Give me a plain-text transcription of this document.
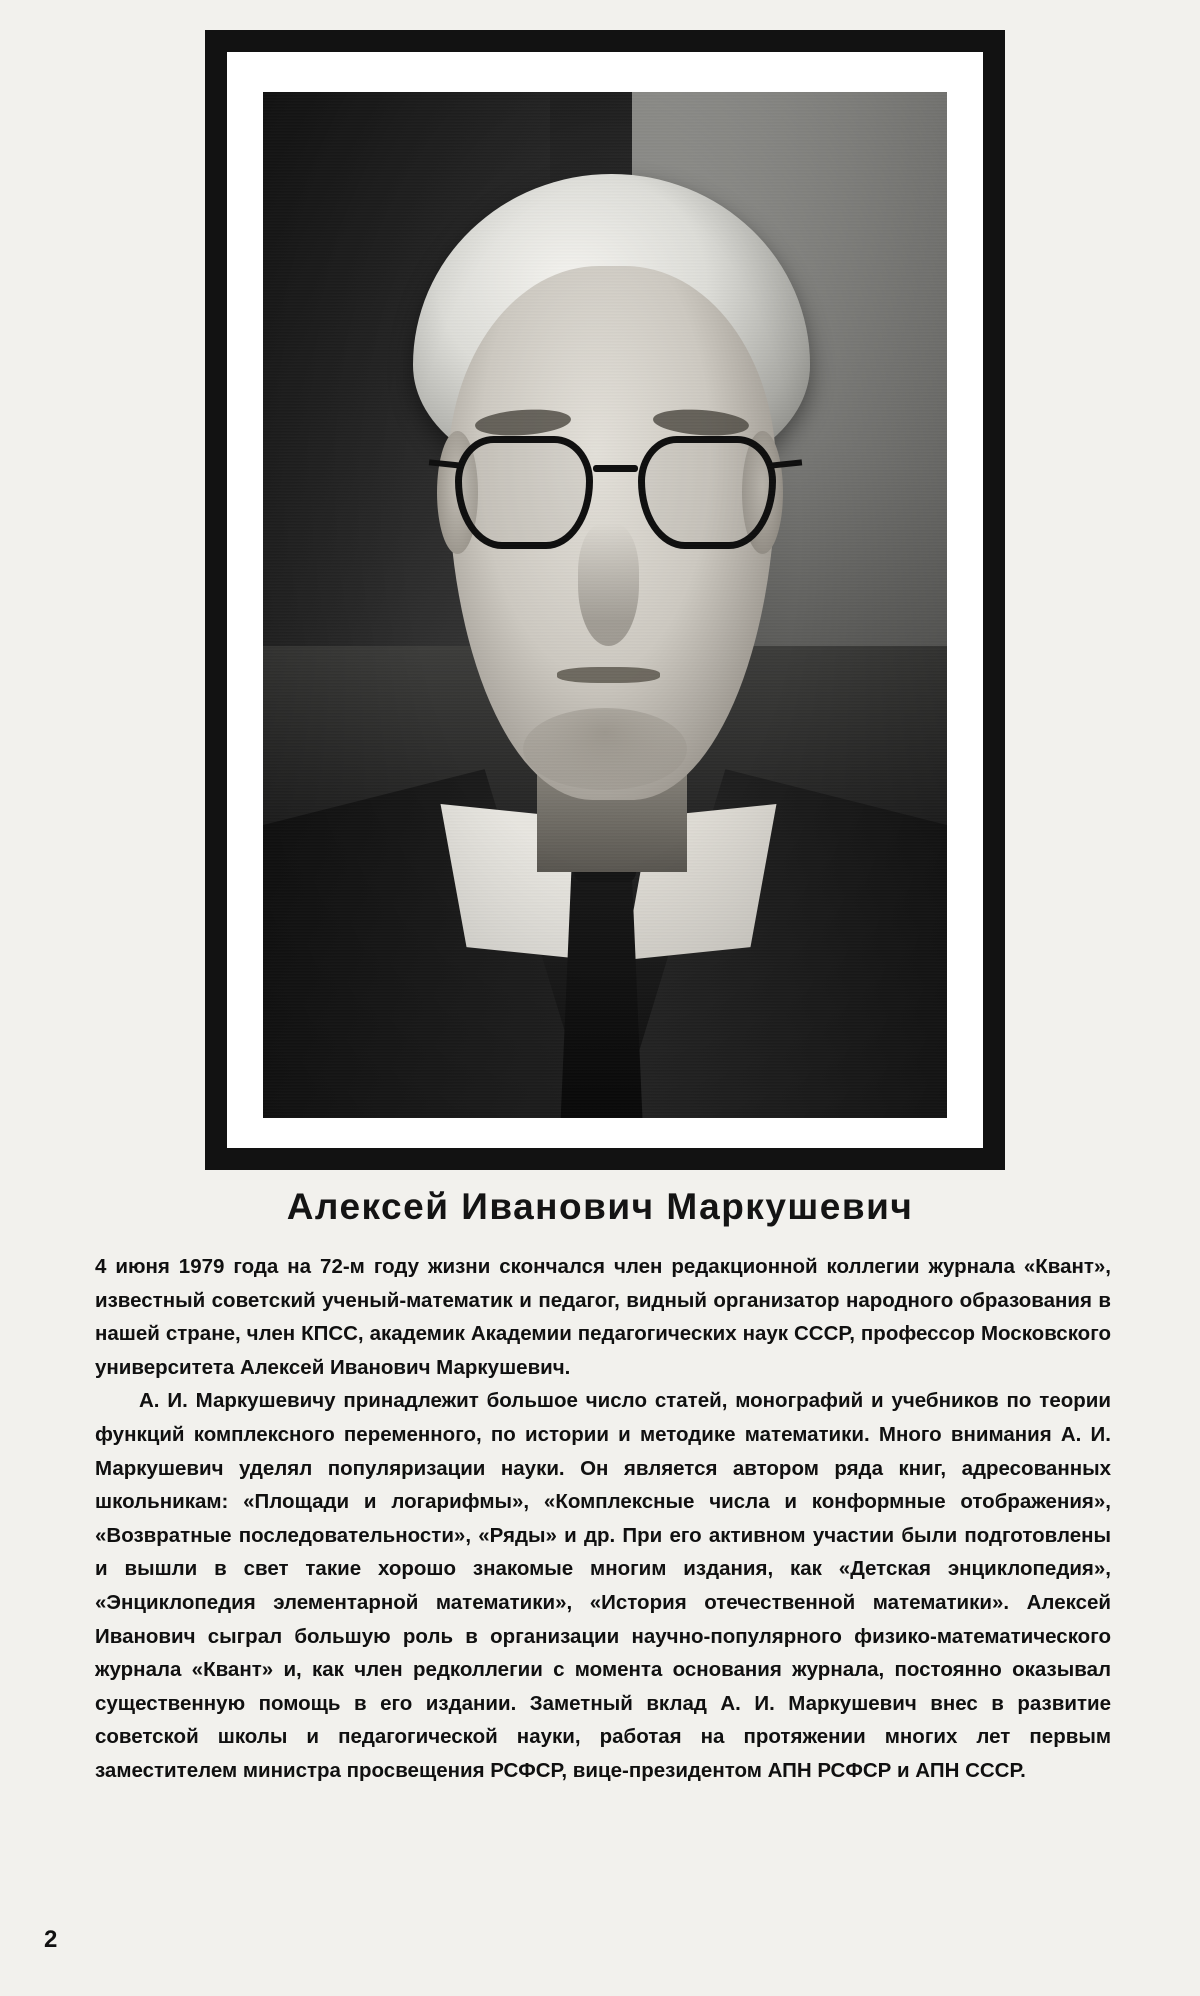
Алексей Иванович Маркушевич

4 июня 1979 года на 72-м году жизни скончался член редакционной коллегии журнала «Квант», известный советский ученый-математик и педагог, видный организатор народного образования в нашей стране, член КПСС, академик Академии педагогических наук СССР, профессор Московского университета Алексей Иванович Маркушевич.

А. И. Маркушевичу принадлежит большое число статей, монографий и учебников по теории функций комплексного переменного, по истории и методике математики. Много внимания А. И. Маркушевич уделял популяризации науки. Он является автором ряда книг, адресованных школьникам: «Площади и логарифмы», «Комплексные числа и конформные отображения», «Возвратные последовательности», «Ряды» и др. При его активном участии были подготовлены и вышли в свет такие хорошо знакомые многим издания, как «Детская энциклопедия», «Энциклопедия элементарной математики», «История отечественной математики». Алексей Иванович сыграл большую роль в организации научно-популярного физико-математического журнала «Квант» и, как член редколлегии с момента основания журнала, постоянно оказывал существенную помощь в его издании. Заметный вклад А. И. Маркушевич внес в развитие советской школы и педагогической науки, работая на протяжении многих лет первым заместителем министра просвещения РСФСР, вице-президентом АПН РСФСР и АПН СССР.

2
